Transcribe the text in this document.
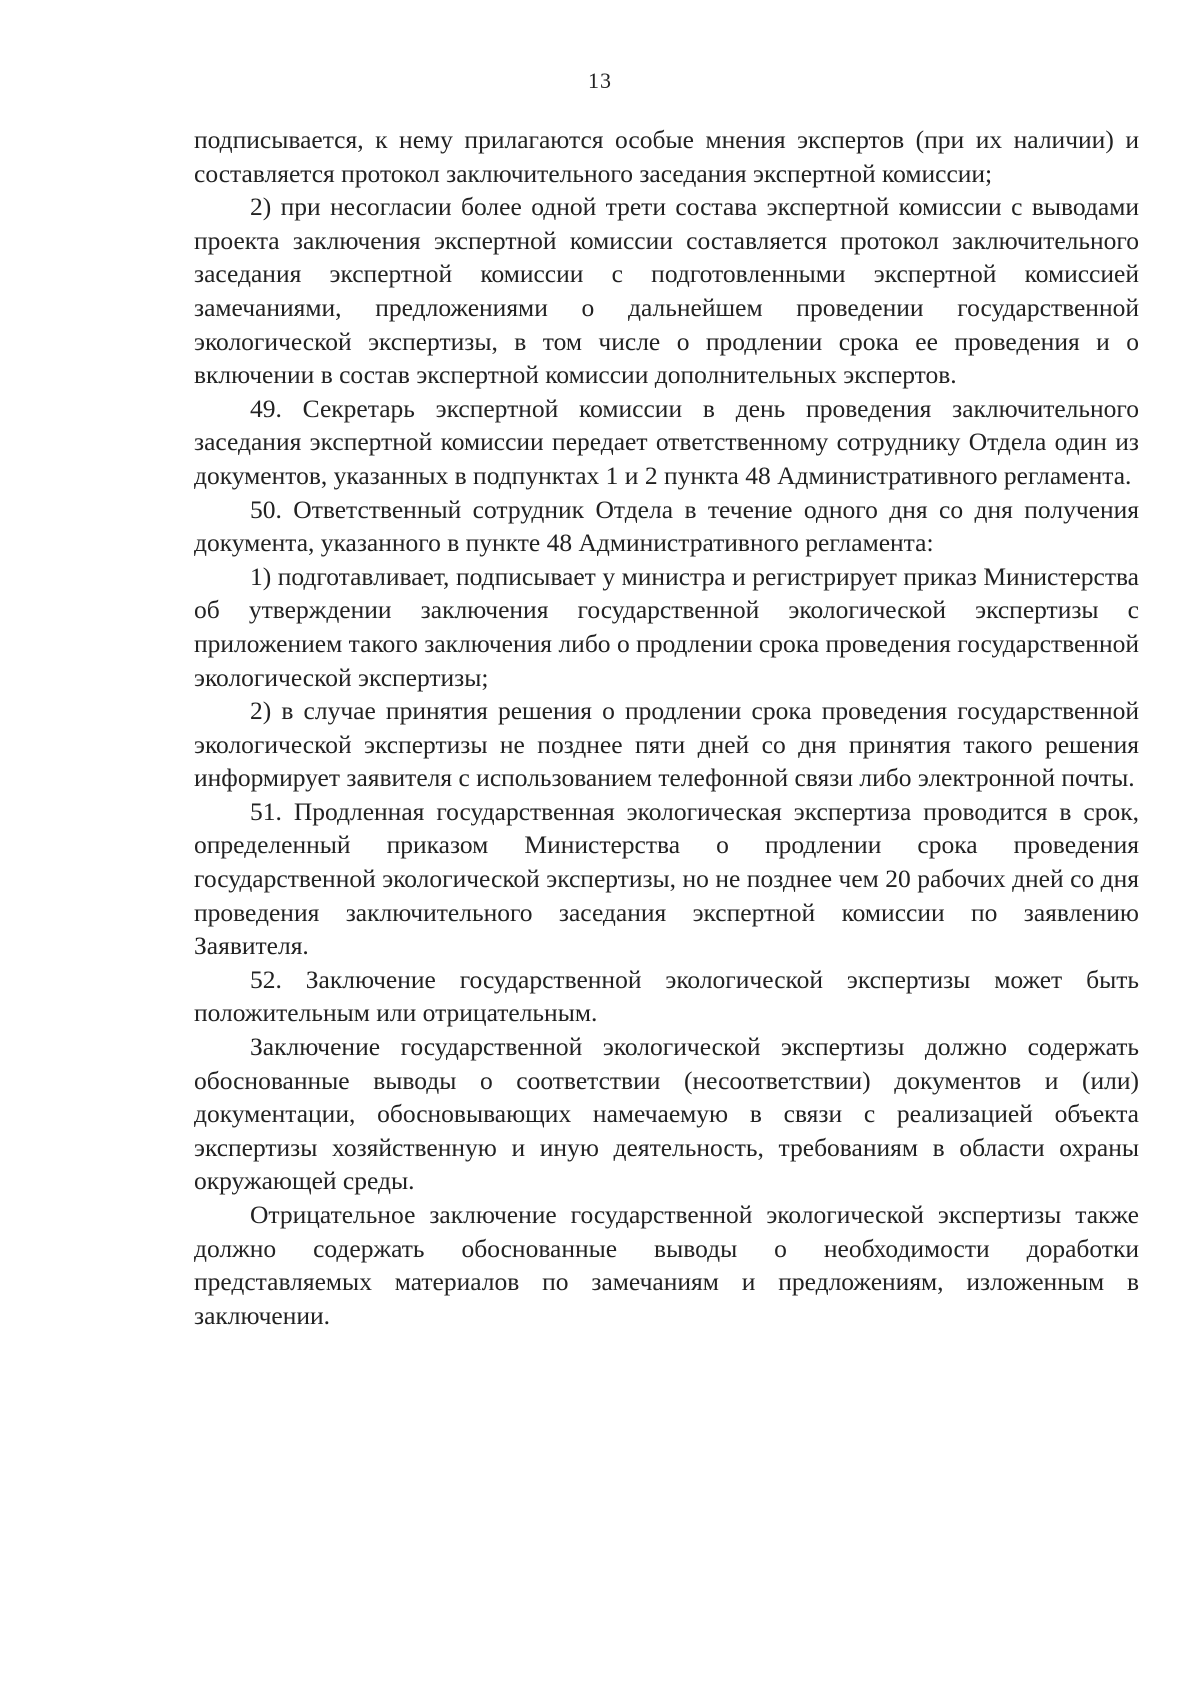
13

подписывается, к нему прилагаются особые мнения экспертов (при их наличии) и составляется протокол заключительного заседания экспертной комиссии;

2) при несогласии более одной трети состава экспертной комиссии с выводами проекта заключения экспертной комиссии составляется протокол заключительного заседания экспертной комиссии с подготовленными экспертной комиссией замечаниями, предложениями о дальнейшем проведении государственной экологической экспертизы, в том числе о продлении срока ее проведения и о включении в состав экспертной комиссии дополнительных экспертов.

49. Секретарь экспертной комиссии в день проведения заключительного заседания экспертной комиссии передает ответственному сотруднику Отдела один из документов, указанных в подпунктах 1 и 2 пункта 48 Административного регламента.

50. Ответственный сотрудник Отдела в течение одного дня со дня получения документа, указанного в пункте 48 Административного регламента:

1) подготавливает, подписывает у министра и регистрирует приказ Министерства об утверждении заключения государственной экологической экспертизы с приложением такого заключения либо о продлении срока проведения государственной экологической экспертизы;

2) в случае принятия решения о продлении срока проведения государственной экологической экспертизы не позднее пяти дней со дня принятия такого решения информирует заявителя с использованием телефонной связи либо электронной почты.

51. Продленная государственная экологическая экспертиза проводится в срок, определенный приказом Министерства о продлении срока проведения государственной экологической экспертизы, но не позднее чем 20 рабочих дней со дня проведения заключительного заседания экспертной комиссии по заявлению Заявителя.

52. Заключение государственной экологической экспертизы может быть положительным или отрицательным.

Заключение государственной экологической экспертизы должно содержать обоснованные выводы о соответствии (несоответствии) документов и (или) документации, обосновывающих намечаемую в связи с реализацией объекта экспертизы хозяйственную и иную деятельность, требованиям в области охраны окружающей среды.

Отрицательное заключение государственной экологической экспертизы также должно содержать обоснованные выводы о необходимости доработки представляемых материалов по замечаниям и предложениям, изложенным в заключении.
